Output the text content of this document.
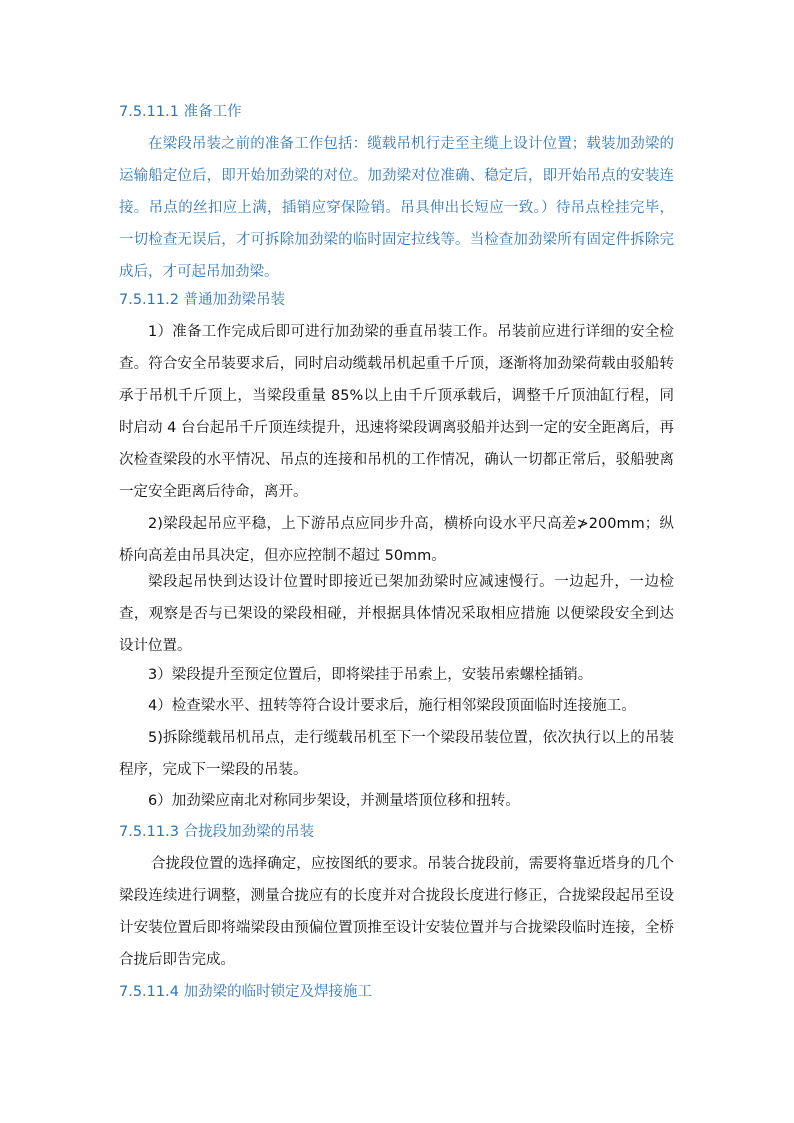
7.5.11.1 准备工作

在梁段吊装之前的准备工作包括：缆载吊机行走至主缆上设计位置；载装加劲梁的运输船定位后，即开始加劲梁的对位。加劲梁对位准确、稳定后，即开始吊点的安装连接。吊点的丝扣应上满，插销应穿保险销。吊具伸出长短应一致。）待吊点栓挂完毕，一切检查无误后，才可拆除加劲梁的临时固定拉线等。当检查加劲梁所有固定件拆除完成后，才可起吊加劲梁。

7.5.11.2 普通加劲梁吊装

1）准备工作完成后即可进行加劲梁的垂直吊装工作。吊装前应进行详细的安全检查。符合安全吊装要求后，同时启动缆载吊机起重千斤顶，逐渐将加劲梁荷载由驳船转承于吊机千斤顶上，当梁段重量 85%以上由千斤顶承载后，调整千斤顶油缸行程，同时启动 4 台台起吊千斤顶连续提升，迅速将梁段调离驳船并达到一定的安全距离后，再次检查梁段的水平情况、吊点的连接和吊机的工作情况，确认一切都正常后，驳船驶离一定安全距离后待命，离开。

2)梁段起吊应平稳，上下游吊点应同步升高，横桥向设水平尺高差≯200mm；纵桥向高差由吊具决定，但亦应控制不超过 50mm。

梁段起吊快到达设计位置时即接近已架加劲梁时应减速慢行。一边起升，一边检查，观察是否与已架设的梁段相碰，并根据具体情况采取相应措施 以便梁段安全到达设计位置。

3）梁段提升至预定位置后，即将梁挂于吊索上，安装吊索螺栓插销。

4）检查梁水平、扭转等符合设计要求后，施行相邻梁段顶面临时连接施工。

5)拆除缆载吊机吊点，走行缆载吊机至下一个梁段吊装位置，依次执行以上的吊装程序，完成下一梁段的吊装。

6）加劲梁应南北对称同步架设，并测量塔顶位移和扭转。

7.5.11.3 合拢段加劲梁的吊装

合拢段位置的选择确定，应按图纸的要求。吊装合拢段前，需要将靠近塔身的几个梁段连续进行调整，测量合拢应有的长度并对合拢段长度进行修正，合拢梁段起吊至设计安装位置后即将端梁段由预偏位置顶推至设计安装位置并与合拢梁段临时连接，全桥合拢后即告完成。

7.5.11.4 加劲梁的临时锁定及焊接施工
